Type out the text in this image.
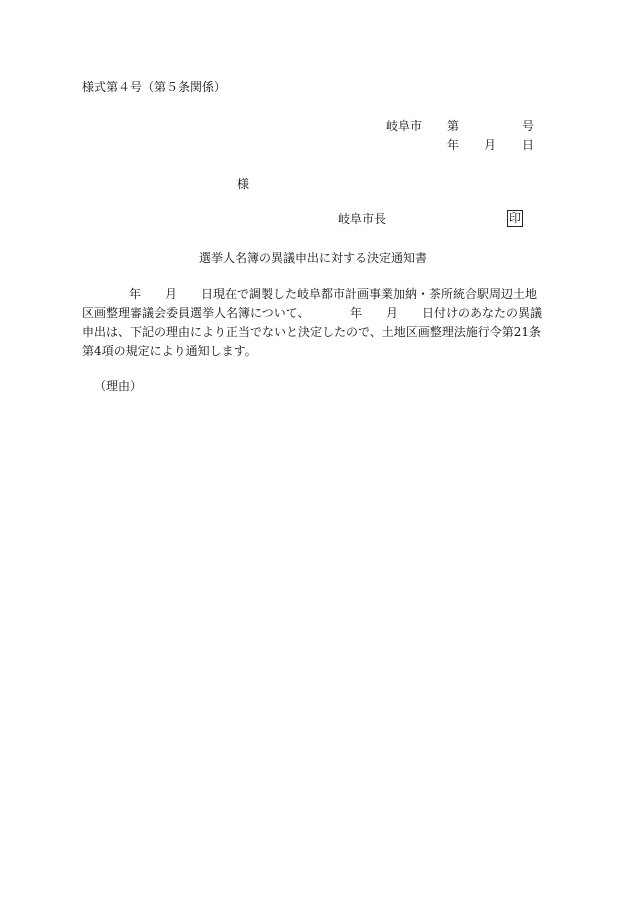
様式第４号（第５条関係）
岐阜市 第	号
年 月 日
様
岐阜市長	印
選挙人名簿の異議申出に対する決定通知書
年 月 日現在で調製した岐阜都市計画事業加納・茶所統合駅周辺土地
区画整理審議会委員選挙人名簿について、	年 月 日付けのあなたの異議
申出は、下記の理由により正当でないと決定したので、土地区画整理法施行令第21条
第4項の規定により通知します。
（理由）
